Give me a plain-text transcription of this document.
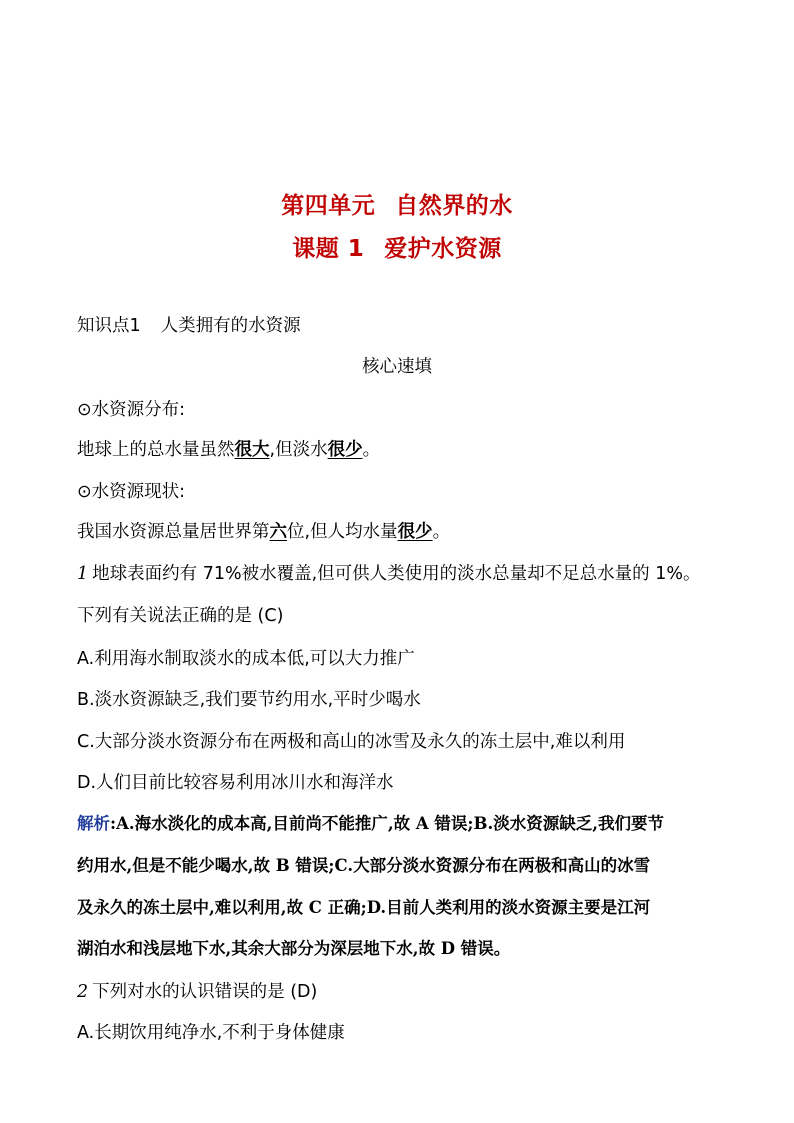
第四单元 自然界的水
课题 1 爱护水资源
知识点1 人类拥有的水资源
核心速填
⊙水资源分布:
地球上的总水量虽然很大,但淡水很少。
⊙水资源现状:
我国水资源总量居世界第六位,但人均水量很少。
1 地球表面约有 71%被水覆盖,但可供人类使用的淡水总量却不足总水量的 1%。
下列有关说法正确的是 (C)
A.利用海水制取淡水的成本低,可以大力推广
B.淡水资源缺乏,我们要节约用水,平时少喝水
C.大部分淡水资源分布在两极和高山的冰雪及永久的冻土层中,难以利用
D.人们目前比较容易利用冰川水和海洋水
解析:A.海水淡化的成本高,目前尚不能推广,故 A 错误;B.淡水资源缺乏,我们要节
约用水,但是不能少喝水,故 B 错误;C.大部分淡水资源分布在两极和高山的冰雪
及永久的冻土层中,难以利用,故 C 正确;D.目前人类利用的淡水资源主要是江河
湖泊水和浅层地下水,其余大部分为深层地下水,故 D 错误。
2 下列对水的认识错误的是 (D)
A.长期饮用纯净水,不利于身体健康
